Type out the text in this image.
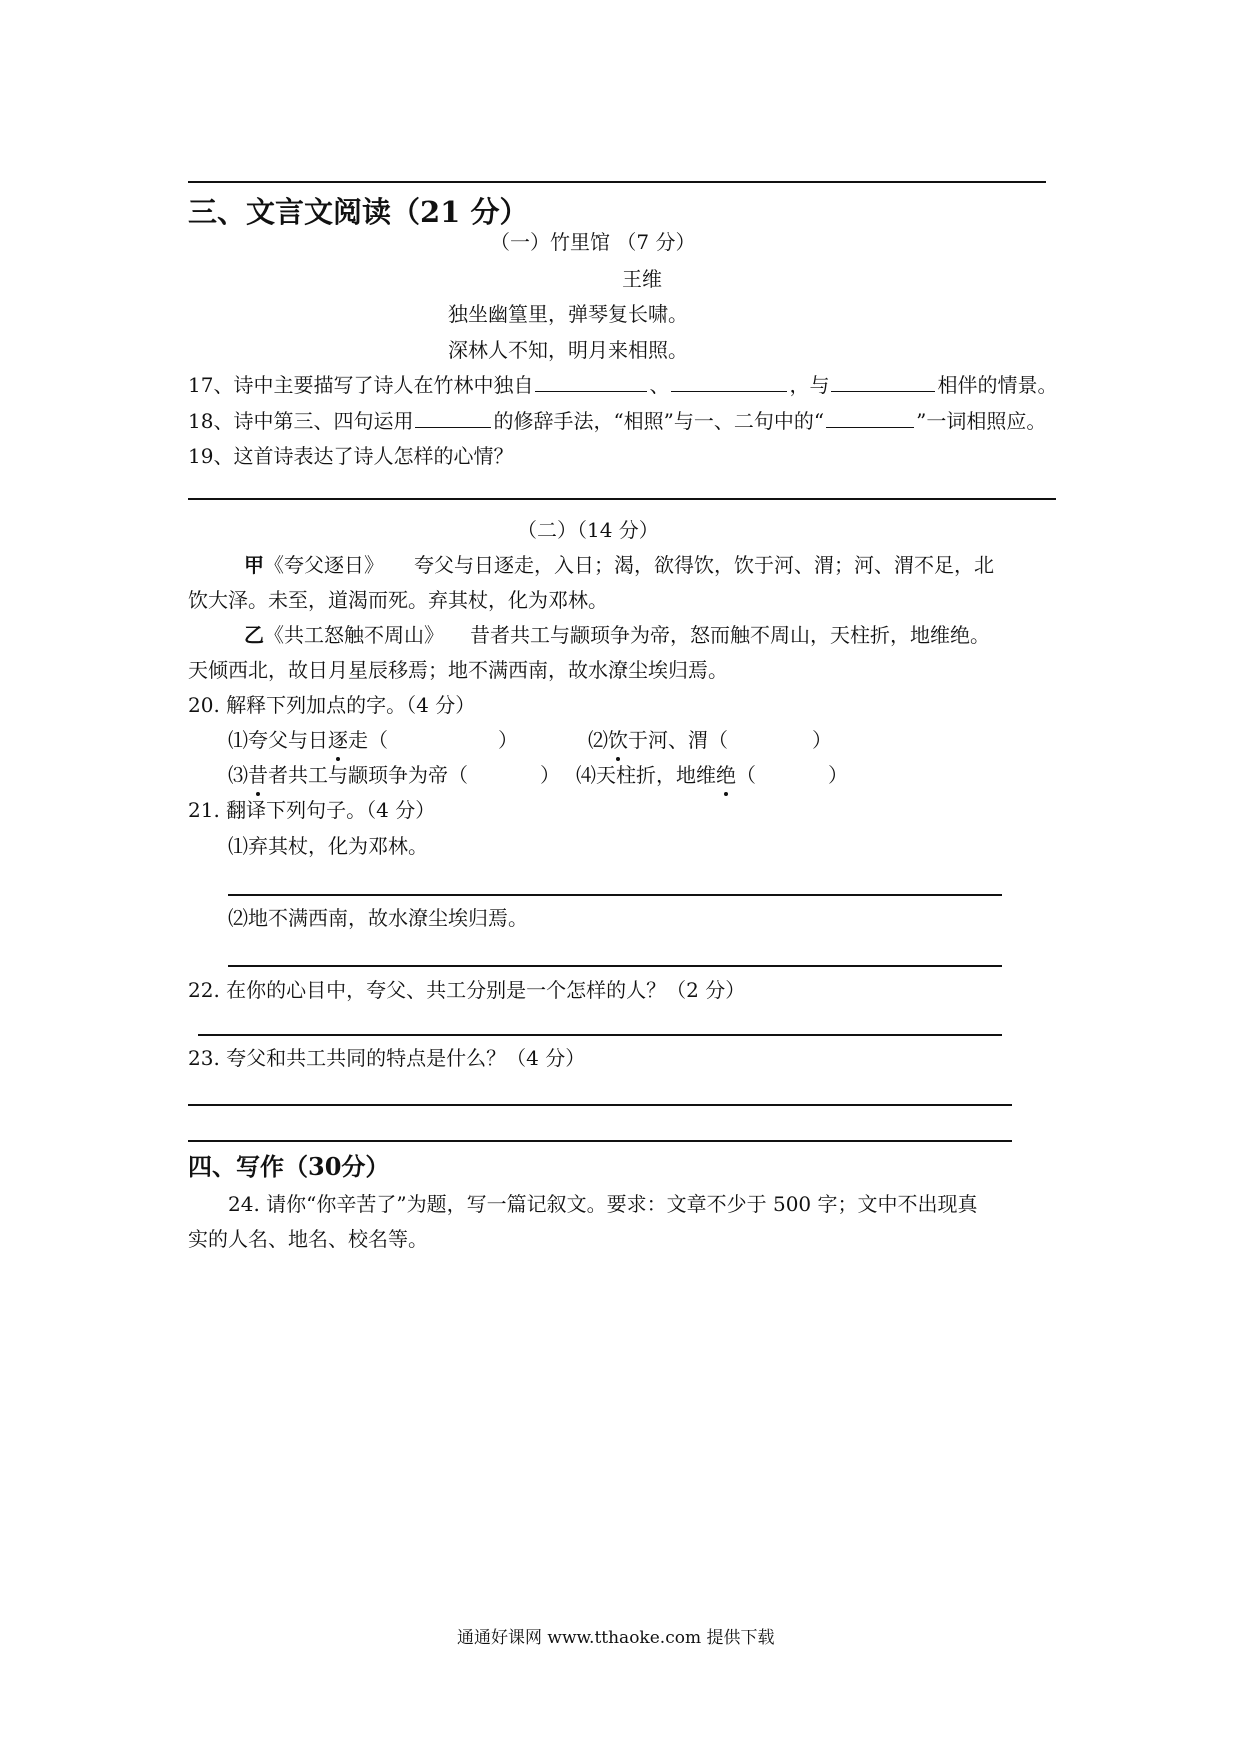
三、文言文阅读（21 分）
（一）竹里馆 （7 分）
王维
独坐幽篁里，弹琴复长啸。
深林人不知，明月来相照。
17、诗中主要描写了诗人在竹林中独自	、	，与	相伴的情景。
18、诗中第三、四句运用	的修辞手法，“相照”与一、二句中的“	”一词相照应。
19、这首诗表达了诗人怎样的心情？
（二）（14 分）
甲《夸父逐日》 夸父与日逐走，入日；渴，欲得饮，饮于河、渭；河、渭不足，北
饮大泽。未至，道渴而死。弃其杖，化为邓林。
乙《共工怒触不周山》 昔者共工与颛顼争为帝，怒而触不周山，天柱折，地维绝。
天倾西北，故日月星辰移焉；地不满西南，故水潦尘埃归焉。
20. 解释下列加点的字。（4 分）
⑴夸父与日逐走（	）	⑵饮于河、渭（	）
⑶昔者共工与颛顼争为帝（	） ⑷天柱折，地维绝（	）
21. 翻译下列句子。（4 分）
⑴弃其杖，化为邓林。
⑵地不满西南，故水潦尘埃归焉。
22. 在你的心目中，夸父、共工分别是一个怎样的人？（2 分）
23. 夸父和共工共同的特点是什么？（4 分）
四、写作（30分）
24. 请你“你辛苦了”为题，写一篇记叙文。要求：文章不少于 500 字；文中不出现真
实的人名、地名、校名等。
通通好课网 www.tthaoke.com 提供下载
